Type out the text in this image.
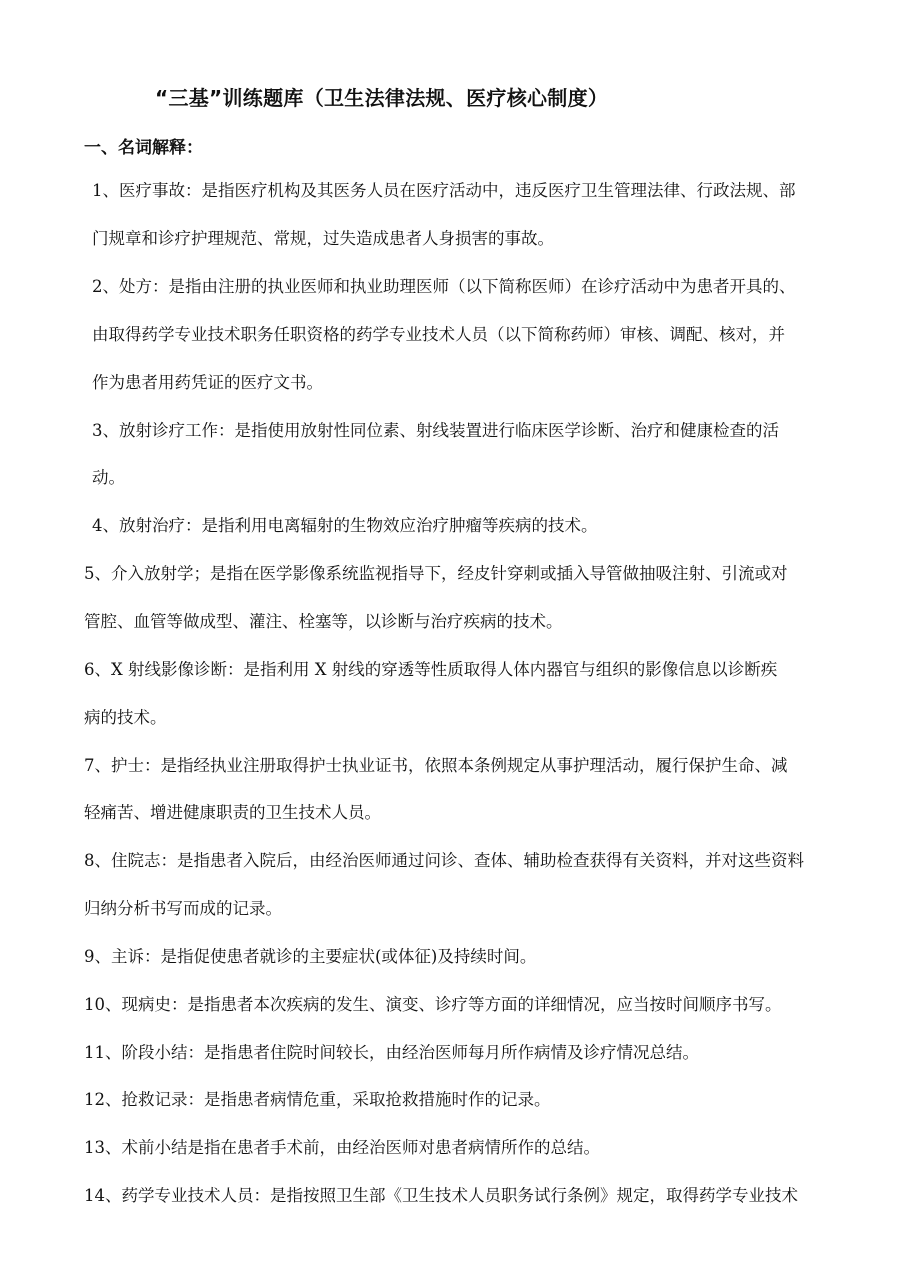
“三基”训练题库（卫生法律法规、医疗核心制度）
一、名词解释：
1、医疗事故：是指医疗机构及其医务人员在医疗活动中，违反医疗卫生管理法律、行政法规、部
门规章和诊疗护理规范、常规，过失造成患者人身损害的事故。
2、处方：是指由注册的执业医师和执业助理医师（以下简称医师）在诊疗活动中为患者开具的、
由取得药学专业技术职务任职资格的药学专业技术人员（以下简称药师）审核、调配、核对，并
作为患者用药凭证的医疗文书。
3、放射诊疗工作：是指使用放射性同位素、射线装置进行临床医学诊断、治疗和健康检查的活
动。
4、放射治疗：是指利用电离辐射的生物效应治疗肿瘤等疾病的技术。
5、介入放射学；是指在医学影像系统监视指导下，经皮针穿刺或插入导管做抽吸注射、引流或对
管腔、血管等做成型、灌注、栓塞等，以诊断与治疗疾病的技术。
6、X 射线影像诊断：是指利用 X 射线的穿透等性质取得人体内器官与组织的影像信息以诊断疾
病的技术。
7、护士：是指经执业注册取得护士执业证书，依照本条例规定从事护理活动，履行保护生命、减
轻痛苦、增进健康职责的卫生技术人员。
8、住院志：是指患者入院后，由经治医师通过问诊、查体、辅助检查获得有关资料，并对这些资料
归纳分析书写而成的记录。
9、主诉：是指促使患者就诊的主要症状(或体征)及持续时间。
10、现病史：是指患者本次疾病的发生、演变、诊疗等方面的详细情况，应当按时间顺序书写。
11、阶段小结：是指患者住院时间较长，由经治医师每月所作病情及诊疗情况总结。
12、抢救记录：是指患者病情危重，采取抢救措施时作的记录。
13、术前小结是指在患者手术前，由经治医师对患者病情所作的总结。
14、药学专业技术人员：是指按照卫生部《卫生技术人员职务试行条例》规定，取得药学专业技术
